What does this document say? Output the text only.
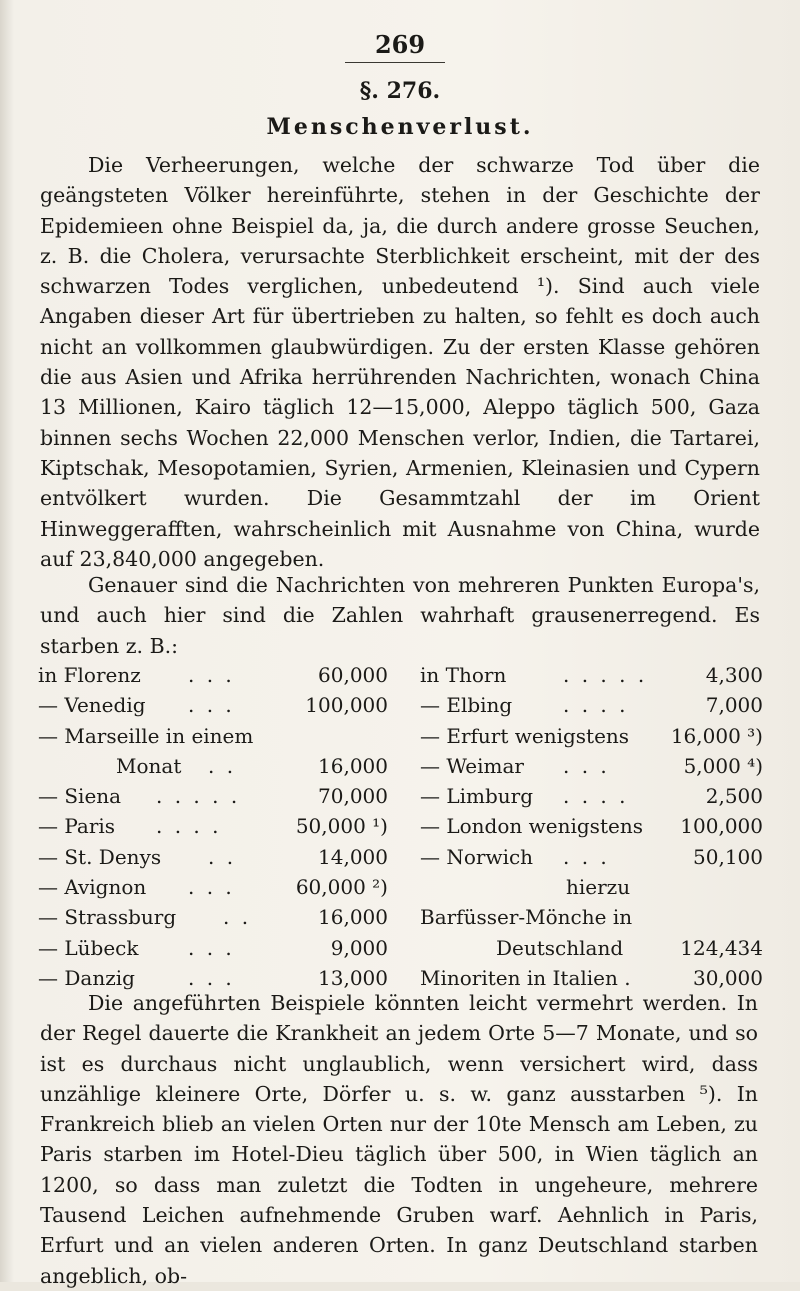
269
§. 276.
Menschenverlust.
Die Verheerungen, welche der schwarze Tod über die geängsteten Völker hereinführte, stehen in der Geschichte der Epidemieen ohne Beispiel da, ja, die durch andere grosse Seuchen, z. B. die Cholera, verursachte Sterblichkeit erscheint, mit der des schwarzen Todes verglichen, unbedeutend ¹). Sind auch viele Angaben dieser Art für übertrieben zu halten, so fehlt es doch auch nicht an vollkommen glaubwürdigen. Zu der ersten Klasse gehören die aus Asien und Afrika herrührenden Nachrichten, wonach China 13 Millionen, Kairo täglich 12—15,000, Aleppo täglich 500, Gaza binnen sechs Wochen 22,000 Menschen verlor, Indien, die Tartarei, Kiptschak, Mesopotamien, Syrien, Armenien, Kleinasien und Cypern entvölkert wurden. Die Gesammtzahl der im Orient Hinweggerafften, wahrscheinlich mit Ausnahme von China, wurde auf 23,840,000 angegeben.
Genauer sind die Nachrichten von mehreren Punkten Europa's, und auch hier sind die Zahlen wahrhaft grausenerregend. Es starben z. B.:
in Florenz . . .	60,000 in Thorn	. . . . .	4,300
— Venedig . . .	100,000 — Elbing	. . . .	7,000
— Marseille in einem	— Erfurt wenigstens	16,000 ³)
Monat . .	16,000 — Weimar . . .	5,000 ⁴)
— Siena . . . . .	70,000 — Limburg . . . .	2,500
— Paris . . . .	50,000 ¹) — London wenigstens	100,000
— St. Denys . .	14,000 — Norwich . . .	50,100
— Avignon . . .	60,000 ²)	hierzu
— Strassburg . .	16,000 Barfüsser-Mönche in
— Lübeck . . .	9,000	Deutschland	124,434
— Danzig	. . .	13,000 Minoriten in Italien .	30,000
Die angeführten Beispiele könnten leicht vermehrt werden. In der Regel dauerte die Krankheit an jedem Orte 5—7 Monate, und so ist es durchaus nicht unglaublich, wenn versichert wird, dass unzählige kleinere Orte, Dörfer u. s. w. ganz ausstarben ⁵). In Frankreich blieb an vielen Orten nur der 10te Mensch am Leben, zu Paris starben im Hotel-Dieu täglich über 500, in Wien täglich an 1200, so dass man zuletzt die Todten in ungeheure, mehrere Tausend Leichen aufnehmende Gruben warf. Aehnlich in Paris, Erfurt und an vielen anderen Orten. In ganz Deutschland starben angeblich, ob-
